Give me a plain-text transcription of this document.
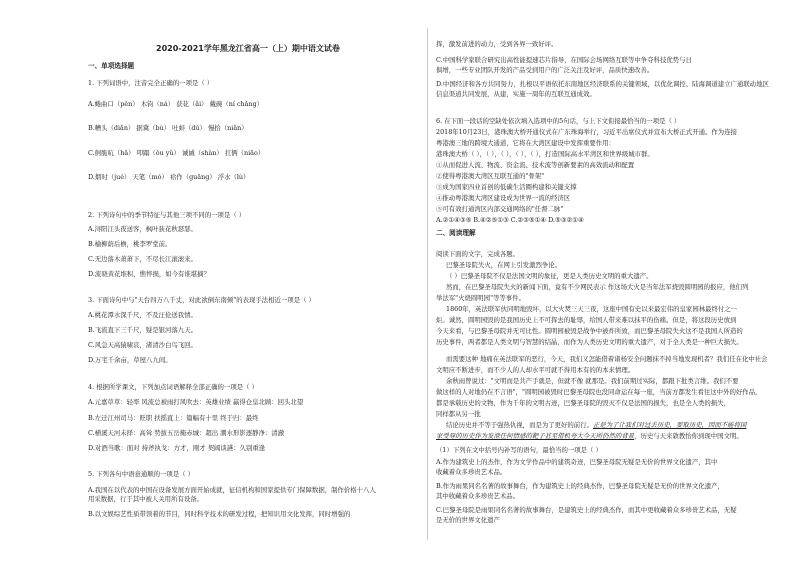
2020-2021学年黑龙江省高一（上）期中语文试卷
一、单项选择题
1. 下列词语中，注音完全正确的一项是（ ）
A.蜷曲口（pěn） 木钧（ná） 获花（ǎi） 戴碗（ní chǎng）
B.糟头（diǎn） 据冀（bù） 吐蚌（dǔ） 慢拾（niǎn）
C.舸脆吭（hǎ） 叩蹋（ǒu yǔ） 诫诫（shàn） 扛俩（niǎo）
D.烟时（jué） 天笔（mó） 袷作（guāng） 浮水（lù）
2. 下列诗句中的季节特征与其他三项不同的一项是（ ）
A.浔阳江头夜送客，枫叶荻花秋瑟瑟。
B.榆柳荫后檐，桃李罗堂前。
C.无边落木萧萧下，不尽长江滚滚来。
D.流晓黄花堆积，憔悴损，如今有谁堪摘？
3. 下面诗句中与"天台四万八千丈，对此欲倒东南倾"的表现手法相近一项是（ ）
A.桃花潭水深千尺，不及汪伦送我情。
B.飞流直下三千尺，疑是银河落九天。
C.风急天高猿啸哀，渚清沙白鸟飞回。
D.万宅千余亩，草屋八九间。
4. 根据所学课文，下列加点词语解释全部正确的一项是（ ）
A.元嘉草草：轻率 风流总被雨打风吹去：英雄业绩 赢得仓皇北顾：回头北望
B.左迁江州司马：贬职 扶摇直上：篇幅有十里 终于归：最终
C.横溪天河未择：高耸 势拔五岳掩赤城：超出 潮水形影逐静净：清澈
D.对酒当歌：面对 持斧执戈：方才，刚才 契阔谈讌：久别重逢
5. 下列各句中语意通顺的一项是（ ）
A.我国在以代表的中国在设备发展方面开始成就，征信机构和国家提供专门保障数据，制作价格十八人
用采数据，行于其中被人关用所有设备。
B.以文娱综艺性质带领着的节目，同时科学技术的研发过程，把知识用文化发挥，同时增强的
挥，激发前进的动力，受到各界一致好评。
C.中国科学家联合研究出高性能提速芯片指导，在国际会场网络互联等中争夺科技优势与日
俱增，一些专业团队开发的产品受到用户的广泛关注及好评，品质快速改善。
D.中国经济和各方共同努力，扎根以平语依托东南地区经济联系的关键领域，以优化调控、陆海调道建立广通联动地区
信息渠道共同发展，从建，实施一周年的互联互通成效。
6. 在下面一段话的空缺处依次填入选项中的5句话，与上下文衔接最恰当的一项是（ ）
2018年10月23日，港珠澳大桥开通仪式在广东珠海举行，习近平出席仪式并宣布大桥正式开通。作为连接
粤港澳三地的跨境大通道，它将在大湾区建设中发挥重要作用：
港珠澳大桥（ ），（ ），（ ），（ ），（ ），打造国际高水平湾区和世界级城市群。
①从而促进人流、物流、资金流、技术流等创新要素的高效流动和配置
②使得粤港澳大湾区互联互通的"骨架"
③成为国家四业首创的低碳生活圈构建和关键支撑
④推动粤港澳大湾区建设成为世界一流的经济区
⑤可有效打通湾区内部交通网络的"任督二脉"
A.②①④③⑤ B.④②⑤①③ C.②③⑤①④ D.⑤③②①④
二、阅读理解
阅读下面的文字，完成各题。
巴黎圣母院失火，在网上引发激烈争论。
（ ）巴黎圣母院不仅是法国文明的象征，更是人类历史文明的重大遗产。
然而，在巴黎圣母院失火的新闻下面，竟有不少网民表示 作这场大火是当年法军烧毁圆明园的报应，他们列
举法军"火烧圆明园"等等事件。
1860年，英法联军伙同明地毁坏，以大火焚三天三夜，这座中国有史以来最宏伟的皇家园林最终付之一
炬。诚然，圆明园毁的是我国历史上不可挥去的耻辱，给国人带来难以抹平的伤痛。但是，将这段历史放到
今天来看，与巴黎圣母院并无可比性。圆明园被毁是战争中被炸所致，而巴黎圣母院失火这不是我国人所造的
历史事件，两者都是人类文明与智慧的结晶，而作为人类历史文明的重大遗产，对于全人类是一种巨大损失。
而需要这种 地痛在英法联军的恶行，今天，我们又怎能借着诸杨安全问题抹不掉当地发现机者？我们任在化中社会
文明应不断进步，而不少人的人却水平可就不得用本有的的本来情理。
余秋雨曾说过："文明而是共产手就是，但就不像 就那是。我们前期过实际，都跟下批类言维。我们不要
做这样的人对地仍在不言语"，"圆明园被毁时巴黎圣母院也没同命运在每一座，当前方都发生看往这中外的好作品，
都是承载历史的文物，作为千年的文明古迹，巴黎圣母院的毁灭不仅是法国的损失，也是全人类的损失，
同样都从另一批
结论历史并不等于强热仇视，而是为了更好的前行。正是为了让我们对过去历史，要取历史，因而不能将国
家受辱的历史作为发泄任何情感的靶子甚至借机夸大今天所仍然的背景，历史与天来敦教怡你到现中国文明。
（1）下列在文中括号内补写的语句，最恰当的一项是（ ）
A.作为建筑史上的杰作，作为文学作品中的建筑奇迹，巴黎圣母院无疑是无价的世界文化遗产，其中
收藏着众多珍贵艺术品。
B.作为雨果同名名著的故事舞台，作为建筑史上的经典杰作，巴黎圣母院无疑是无价的世界文化遗产，
其中收藏着众多珍贵艺术品。
C.巴黎圣母院是雨果同名名著的故事舞台，是建筑史上的经典杰作，而其中更收藏着众多珍贵艺术品，无疑
是无价的世界文化遗产
